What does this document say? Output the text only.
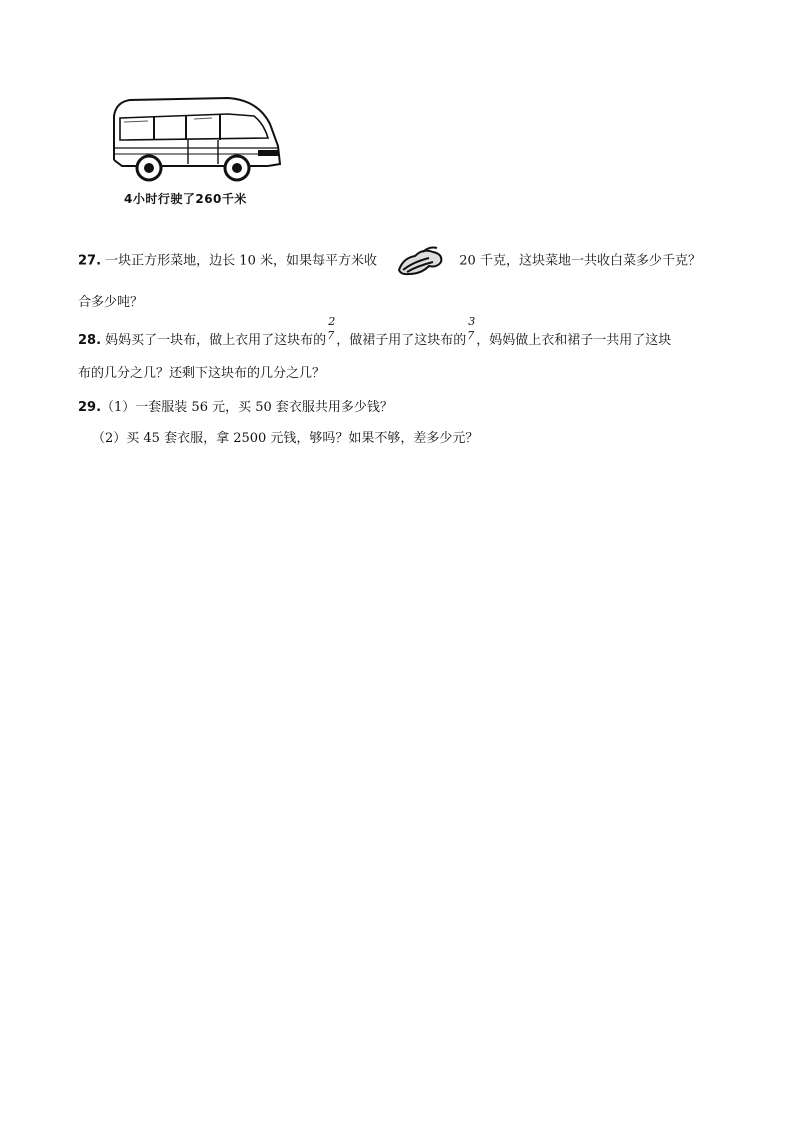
4小时行驶了260千米
27. 一块正方形菜地，边长 10 米，如果每平方米收	20 千克，这块菜地一共收白菜多少千克？
合多少吨？
28. 妈妈买了一块布，做上衣用了这块布的
2
7 ，做裙子用了这块布的
3
7 ，妈妈做上衣和裙子一共用了这块
布的几分之几？还剩下这块布的几分之几？
29.（1）一套服装 56 元，买 50 套衣服共用多少钱？
（2）买 45 套衣服，拿 2500 元钱，够吗？如果不够，差多少元？
